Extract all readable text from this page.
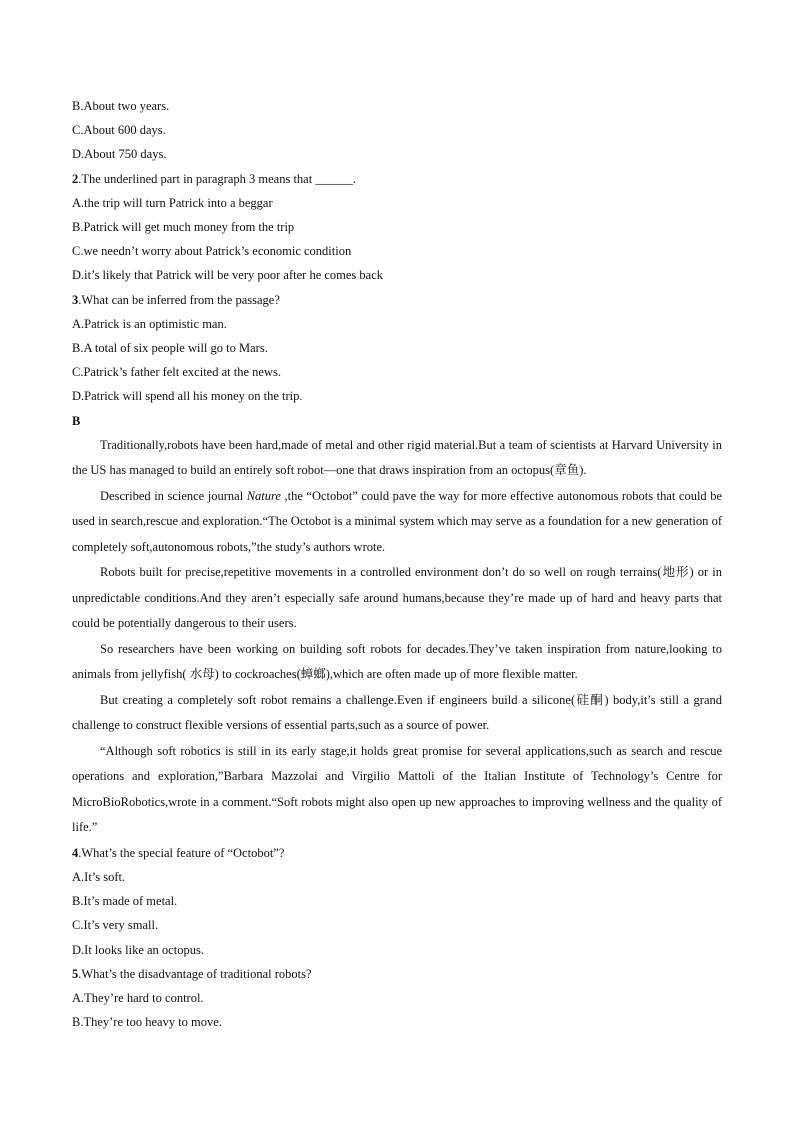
B.About two years.
C.About 600 days.
D.About 750 days.
2.The underlined part in paragraph 3 means that ______.
A.the trip will turn Patrick into a beggar
B.Patrick will get much money from the trip
C.we needn’t worry about Patrick’s economic condition
D.it’s likely that Patrick will be very poor after he comes back
3.What can be inferred from the passage?
A.Patrick is an optimistic man.
B.A total of six people will go to Mars.
C.Patrick’s father felt excited at the news.
D.Patrick will spend all his money on the trip.
B

Traditionally,robots have been hard,made of metal and other rigid material.But a team of scientists at Harvard University in the US has managed to build an entirely soft robot—one that draws inspiration from an octopus(章鱼).

Described in science journal Nature ,the “Octobot” could pave the way for more effective autonomous robots that could be used in search,rescue and exploration.“The Octobot is a minimal system which may serve as a foundation for a new generation of completely soft,autonomous robots,”the study’s authors wrote.

Robots built for precise,repetitive movements in a controlled environment don’t do so well on rough terrains(地形) or in unpredictable conditions.And they aren’t especially safe around humans,because they’re made up of hard and heavy parts that could be potentially dangerous to their users.

So researchers have been working on building soft robots for decades.They’ve taken inspiration from nature,looking to animals from jellyfish( 水母) to cockroaches(蟑螂),which are often made up of more flexible matter.

But creating a completely soft robot remains a challenge.Even if engineers build a silicone(硅酮) body,it’s still a grand challenge to construct flexible versions of essential parts,such as a source of power.

“Although soft robotics is still in its early stage,it holds great promise for several applications,such as search and rescue operations and exploration,”Barbara Mazzolai and Virgilio Mattoli of the Italian Institute of Technology’s Centre for MicroBioRobotics,wrote in a comment.“Soft robots might also open up new approaches to improving wellness and the quality of life.”

4.What’s the special feature of “Octobot”?
A.It’s soft.
B.It’s made of metal.
C.It’s very small.
D.It looks like an octopus.
5.What’s the disadvantage of traditional robots?
A.They’re hard to control.
B.They’re too heavy to move.
